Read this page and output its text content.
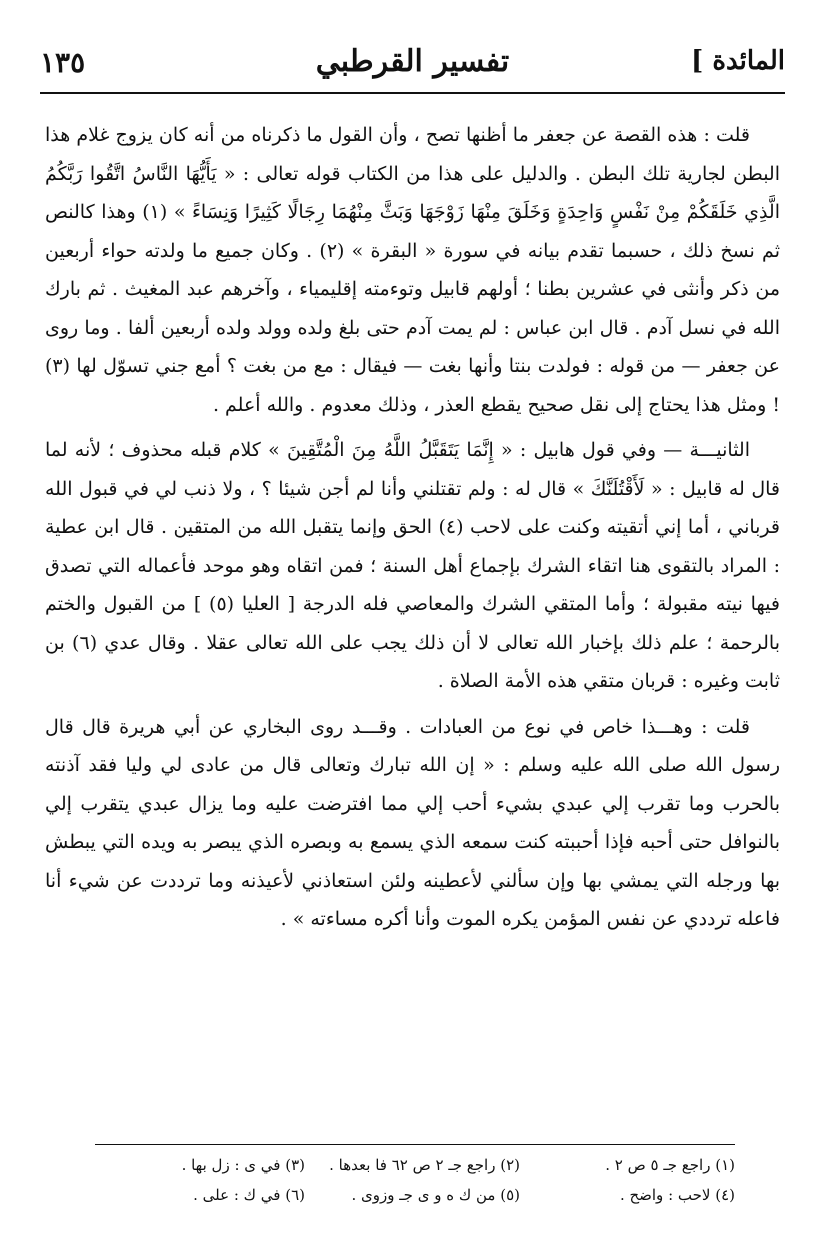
المائدة ]
تفسير القرطبي
١٣٥

قلت : هذه القصة عن جعفر ما أظنها تصح ، وأن القول ما ذكرناه من أنه كان يزوج غلام هذا البطن لجارية تلك البطن . والدليل على هذا من الكتاب قوله تعالى : « يَأَيُّهَا النَّاسُ اتَّقُوا رَبَّكُمُ الَّذِي خَلَقَكُمْ مِنْ نَفْسٍ وَاحِدَةٍ وَخَلَقَ مِنْهَا زَوْجَهَا وَبَثَّ مِنْهُمَا رِجَالًا كَثِيرًا وَنِسَاءً » (١) وهذا كالنص ثم نسخ ذلك ، حسبما تقدم بيانه في سورة « البقرة » (٢) . وكان جميع ما ولدته حواء أربعين من ذكر وأنثى في عشرين بطنا ؛ أولهم قابيل وتوءمته إقليمياء ، وآخرهم عبد المغيث . ثم بارك الله في نسل آدم . قال ابن عباس : لم يمت آدم حتى بلغ ولده وولد ولده أربعين ألفا . وما روى عن جعفر — من قوله : فولدت بنتا وأنها بغت — فيقال : مع من بغت ؟ أمع جني تسوّل لها (٣) ! ومثل هذا يحتاج إلى نقل صحيح يقطع العذر ، وذلك معدوم . والله أعلم .

الثانيـــة — وفي قول هابيل : « إِنَّمَا يَتَقَبَّلُ اللَّهُ مِنَ الْمُتَّقِينَ » كلام قبله محذوف ؛ لأنه لما قال له قابيل : « لَأَقْتُلَنَّكَ » قال له : ولم تقتلني وأنا لم أجن شيئا ؟ ، ولا ذنب لي في قبول الله قرباني ، أما إني أتقيته وكنت على لاحب (٤) الحق وإنما يتقبل الله من المتقين . قال ابن عطية : المراد بالتقوى هنا اتقاء الشرك بإجماع أهل السنة ؛ فمن اتقاه وهو موحد فأعماله التي تصدق فيها نيته مقبولة ؛ وأما المتقي الشرك والمعاصي فله الدرجة [ العليا (٥) ] من القبول والختم بالرحمة ؛ علم ذلك بإخبار الله تعالى لا أن ذلك يجب على الله تعالى عقلا . وقال عدي (٦) بن ثابت وغيره : قربان متقي هذه الأمة الصلاة .

قلت : وهـــذا خاص في نوع من العبادات . وقـــد روى البخاري عن أبي هريرة قال قال رسول الله صلى الله عليه وسلم : « إن الله تبارك وتعالى قال من عادى لي وليا فقد آذنته بالحرب وما تقرب إلي عبدي بشيء أحب إلي مما افترضت عليه وما يزال عبدي يتقرب إلي بالنوافل حتى أحبه فإذا أحببته كنت سمعه الذي يسمع به وبصره الذي يبصر به ويده التي يبطش بها ورجله التي يمشي بها وإن سألني لأعطينه ولئن استعاذني لأعيذنه وما ترددت عن شيء أنا فاعله ترددي عن نفس المؤمن يكره الموت وأنا أكره مساءته » .

(١) راجع جـ ٥ ص ٢ .
(٢) راجع جـ ٢ ص ٦٢ فا بعدها .
(٣) في ى : زل بها .
(٤) لاحب : واضح .
(٥) من ك ه و ى جـ وزوى .
(٦) في ك : على .
